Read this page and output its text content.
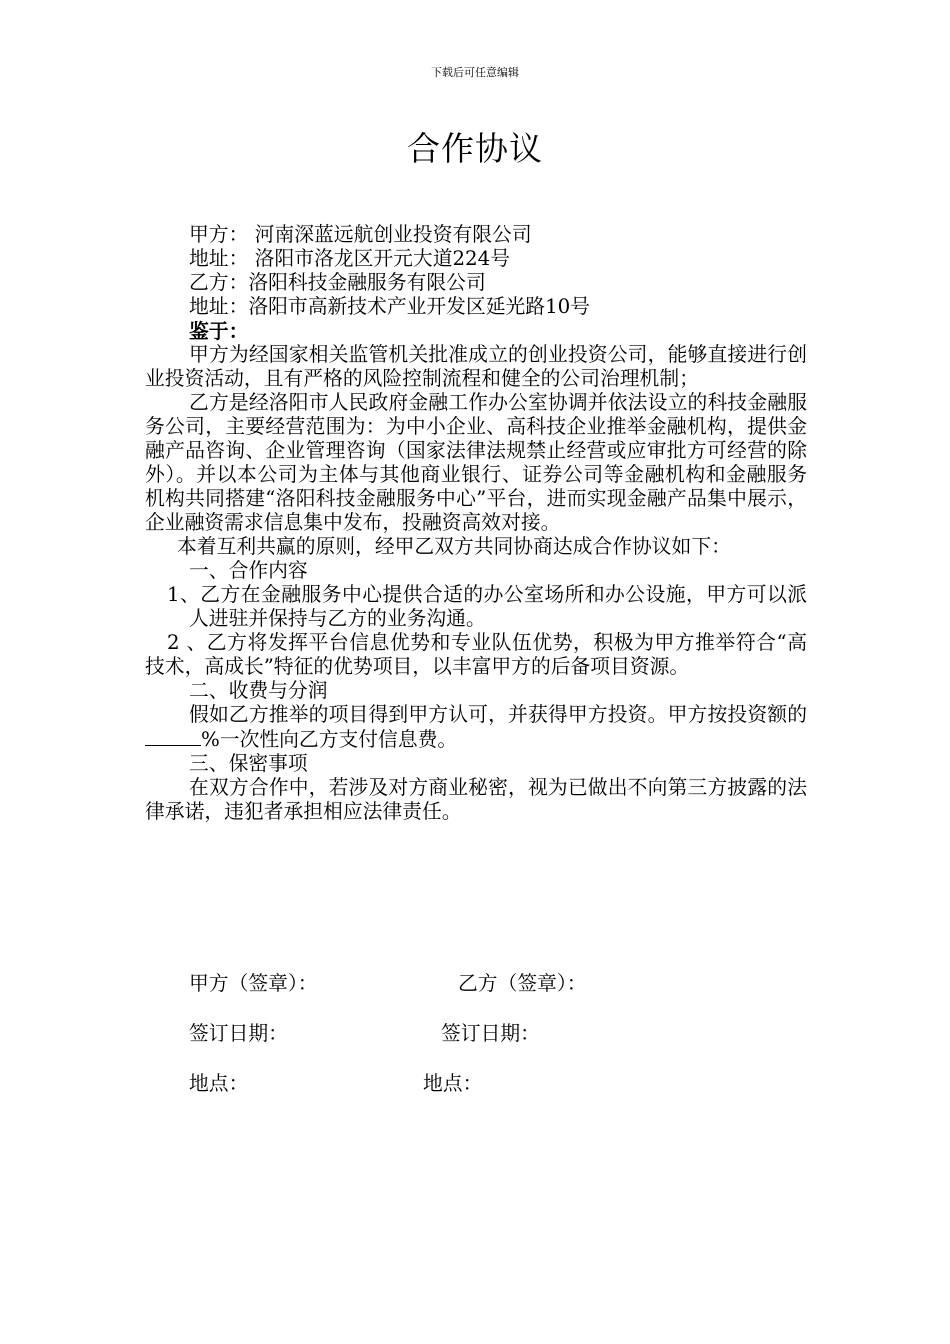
下载后可任意编辑
合作协议

甲方： 河南深蓝远航创业投资有限公司

地址： 洛阳市洛龙区开元大道224号

乙方：洛阳科技金融服务有限公司

地址：洛阳市高新技术产业开发区延光路10号

鉴于：

甲方为经国家相关监管机关批准成立的创业投资公司，能够直接进行创业投资活动，且有严格的风险控制流程和健全的公司治理机制；

乙方是经洛阳市人民政府金融工作办公室协调并依法设立的科技金融服务公司，主要经营范围为：为中小企业、高科技企业推举金融机构，提供金融产品咨询、企业管理咨询（国家法律法规禁止经营或应审批方可经营的除外）。并以本公司为主体与其他商业银行、证券公司等金融机构和金融服务机构共同搭建“洛阳科技金融服务中心”平台，进而实现金融产品集中展示，企业融资需求信息集中发布，投融资高效对接。

本着互利共赢的原则，经甲乙双方共同协商达成合作协议如下：

一、合作内容

1、乙方在金融服务中心提供合适的办公室场所和办公设施，甲方可以派人进驻并保持与乙方的业务沟通。

2 、乙方将发挥平台信息优势和专业队伍优势，积极为甲方推举符合“高技术，高成长”特征的优势项目，以丰富甲方的后备项目资源。

二、收费与分润

假如乙方推举的项目得到甲方认可，并获得甲方投资。甲方按投资额的%一次性向乙方支付信息费。

三、保密事项

在双方合作中，若涉及对方商业秘密，视为已做出不向第三方披露的法律承诺，违犯者承担相应法律责任。

甲方（签章）：	乙方（签章）：
签订日期：	签订日期：
地点：	地点：
